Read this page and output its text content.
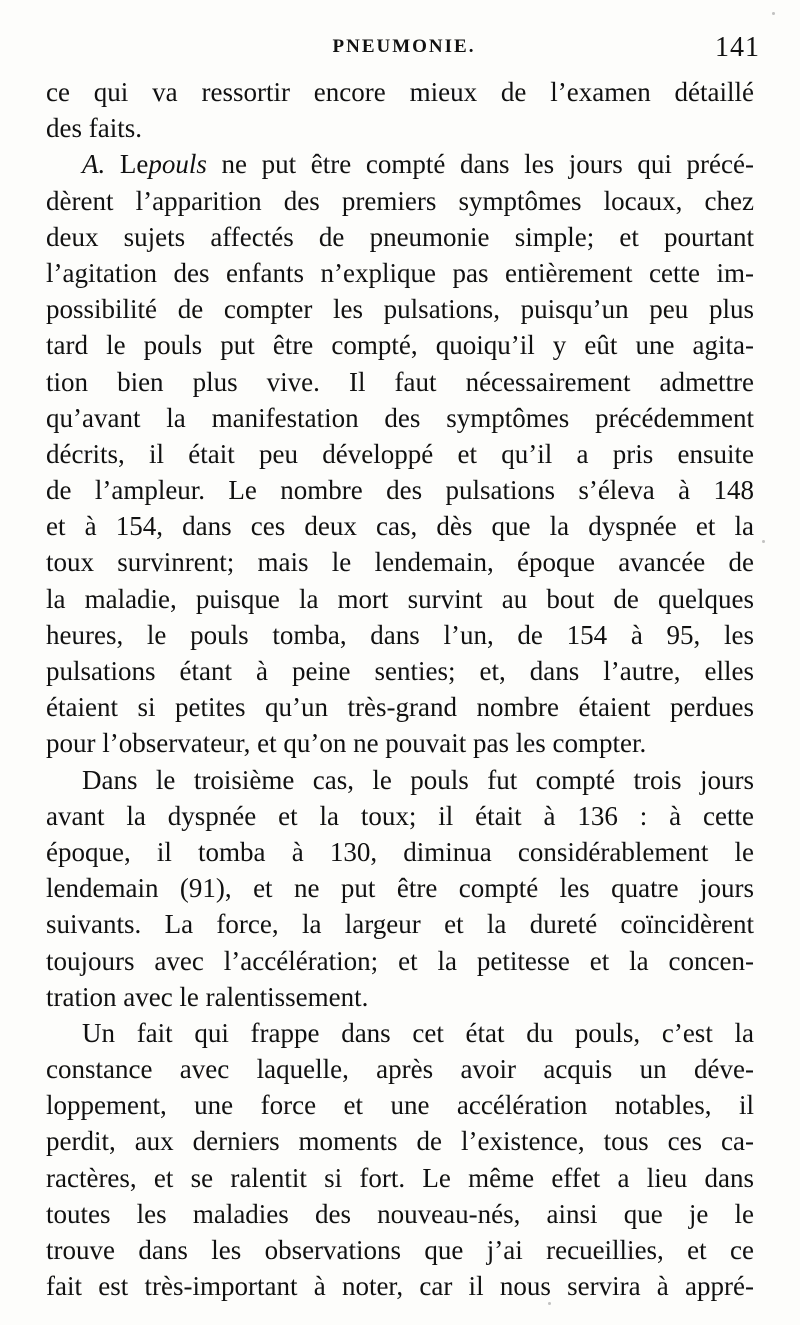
PNEUMONIE.	141
ce qui va ressortir encore mieux de l’examen détaillé
des faits.
A. Lepouls ne put être compté dans les jours qui précé-
dèrent l’apparition des premiers symptômes locaux, chez
deux sujets affectés de pneumonie simple; et pourtant
l’agitation des enfants n’explique pas entièrement cette im-
possibilité de compter les pulsations, puisqu’un peu plus
tard le pouls put être compté, quoiqu’il y eût une agita-
tion bien plus vive. Il faut nécessairement admettre
qu’avant la manifestation des symptômes précédemment
décrits, il était peu développé et qu’il a pris ensuite
de l’ampleur. Le nombre des pulsations s’éleva à 148
et à 154, dans ces deux cas, dès que la dyspnée et la
toux survinrent; mais le lendemain, époque avancée de
la maladie, puisque la mort survint au bout de quelques
heures, le pouls tomba, dans l’un, de 154 à 95, les
pulsations étant à peine senties; et, dans l’autre, elles
étaient si petites qu’un très-grand nombre étaient perdues
pour l’observateur, et qu’on ne pouvait pas les compter.
Dans le troisième cas, le pouls fut compté trois jours
avant la dyspnée et la toux; il était à 136 : à cette
époque, il tomba à 130, diminua considérablement le
lendemain (91), et ne put être compté les quatre jours
suivants. La force, la largeur et la dureté coïncidèrent
toujours avec l’accélération; et la petitesse et la concen-
tration avec le ralentissement.
Un fait qui frappe dans cet état du pouls, c’est la
constance avec laquelle, après avoir acquis un déve-
loppement, une force et une accélération notables, il
perdit, aux derniers moments de l’existence, tous ces ca-
ractères, et se ralentit si fort. Le même effet a lieu dans
toutes les maladies des nouveau-nés, ainsi que je le
trouve dans les observations que j’ai recueillies, et ce
fait est très-important à noter, car il nous servira à appré-
